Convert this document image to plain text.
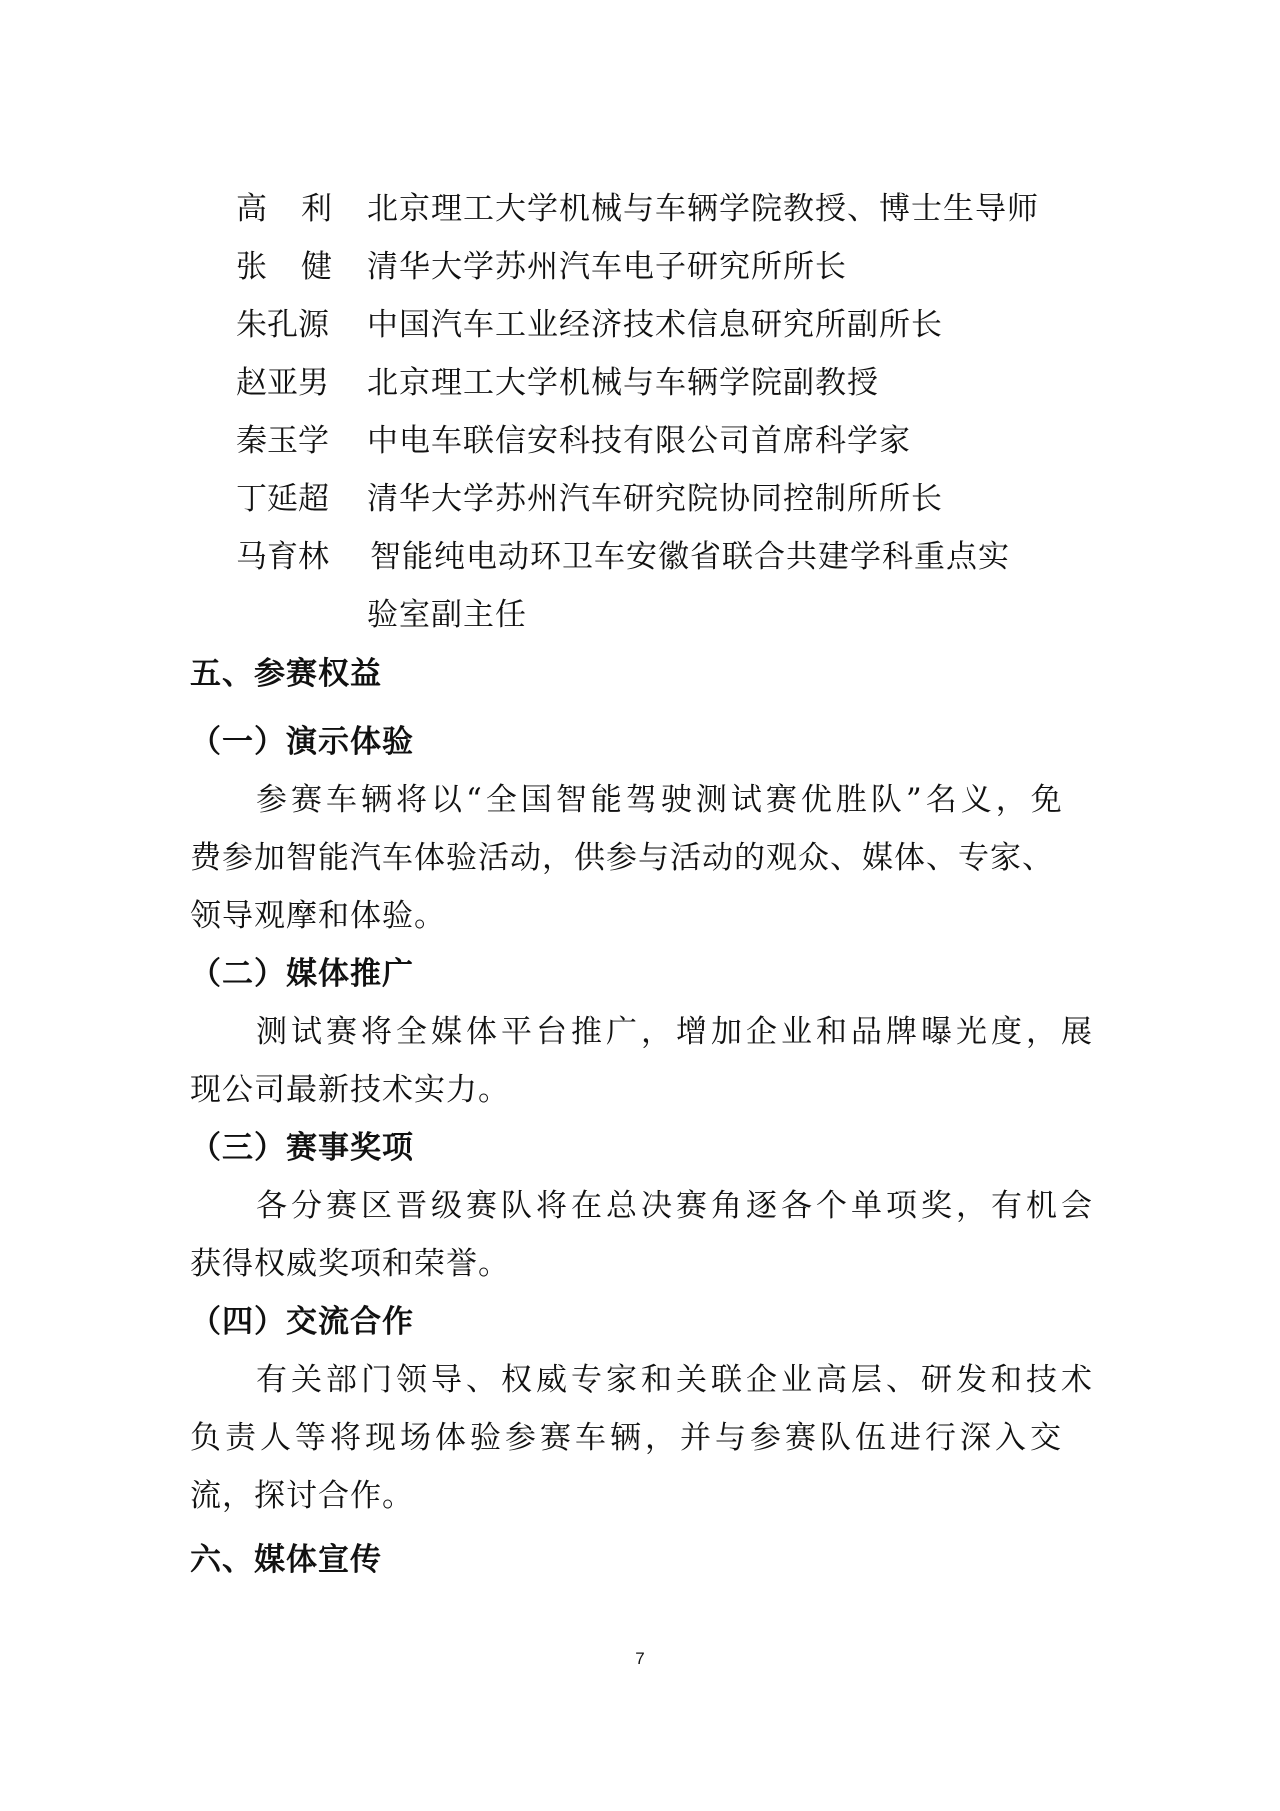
高利 北京理工大学机械与车辆学院教授、博士生导师
张健 清华大学苏州汽车电子研究所所长
朱孔源 中国汽车工业经济技术信息研究所副所长
赵亚男 北京理工大学机械与车辆学院副教授
秦玉学 中电车联信安科技有限公司首席科学家
丁延超 清华大学苏州汽车研究院协同控制所所长
马育林 智能纯电动环卫车安徽省联合共建学科重点实
验室副主任
五、参赛权益
（一）演示体验
参赛车辆将以“全国智能驾驶测试赛优胜队”名义，免
费参加智能汽车体验活动，供参与活动的观众、媒体、专家、
领导观摩和体验。
（二）媒体推广
测试赛将全媒体平台推广，增加企业和品牌曝光度，展
现公司最新技术实力。
（三）赛事奖项
各分赛区晋级赛队将在总决赛角逐各个单项奖，有机会
获得权威奖项和荣誉。
（四）交流合作
有关部门领导、权威专家和关联企业高层、研发和技术
负责人等将现场体验参赛车辆，并与参赛队伍进行深入交
流，探讨合作。
六、媒体宣传
7
